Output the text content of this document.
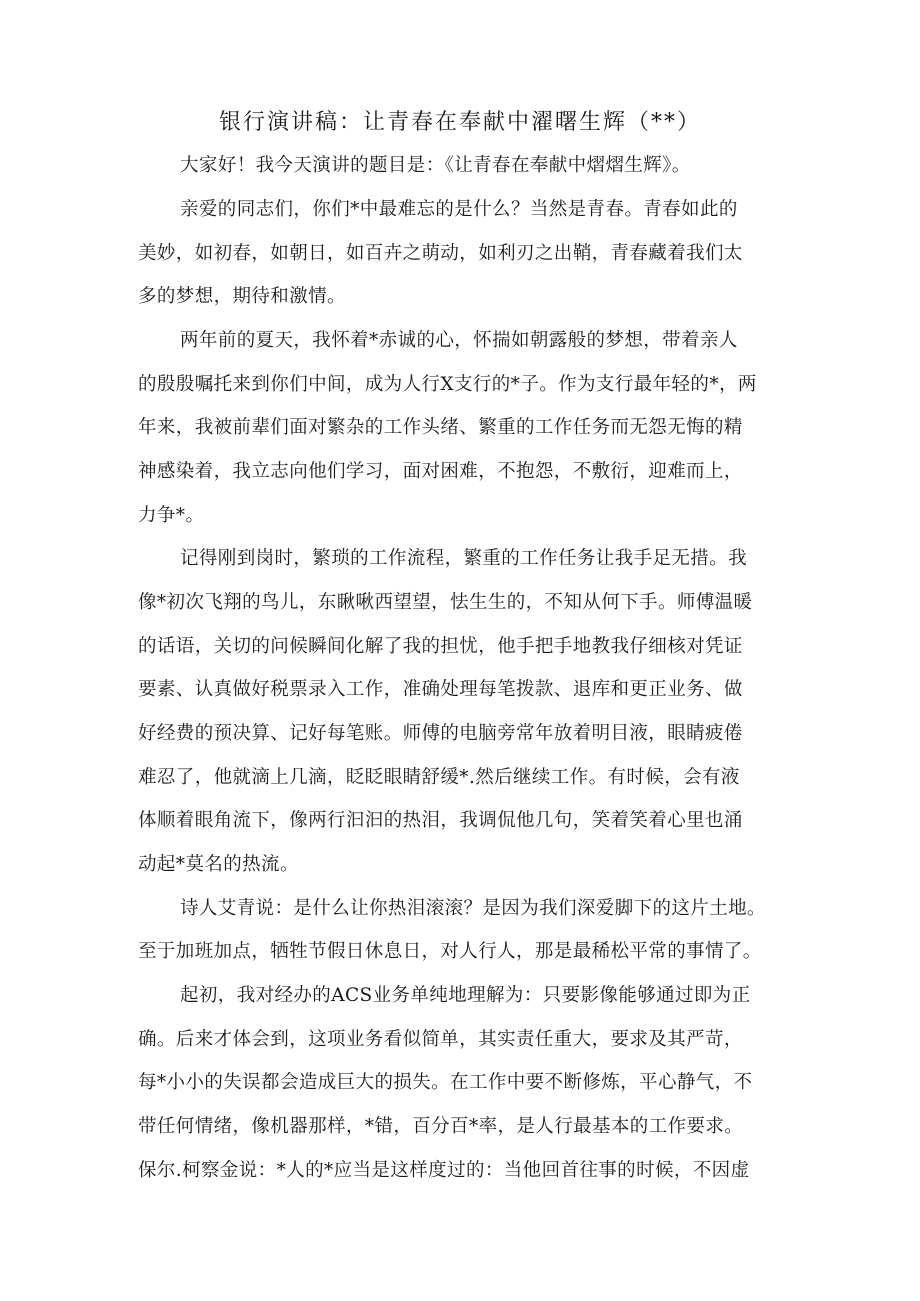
银行演讲稿：让青春在奉献中濯曙生辉（**）
大家好！我今天演讲的题目是：《让青春在奉献中熠熠生辉》。
亲爱的同志们，你们*中最难忘的是什么？当然是青春。青春如此的
美妙，如初春，如朝日，如百卉之萌动，如利刃之出鞘，青春藏着我们太
多的梦想，期待和激情。
两年前的夏天，我怀着*赤诚的心，怀揣如朝露般的梦想，带着亲人
的殷殷嘱托来到你们中间，成为人行X支行的*子。作为支行最年轻的*，两
年来，我被前辈们面对繁杂的工作头绪、繁重的工作任务而无怨无悔的精
神感染着，我立志向他们学习，面对困难，不抱怨，不敷衍，迎难而上，
力争*。
记得刚到岗时，繁琐的工作流程，繁重的工作任务让我手足无措。我
像*初次飞翔的鸟儿，东瞅啾西望望，怯生生的，不知从何下手。师傅温暖
的话语，关切的问候瞬间化解了我的担忧，他手把手地教我仔细核对凭证
要素、认真做好税票录入工作，准确处理每笔拨款、退库和更正业务、做
好经费的预决算、记好每笔账。师傅的电脑旁常年放着明目液，眼睛疲倦
难忍了，他就滴上几滴，眨眨眼睛舒缓*.然后继续工作。有时候，会有液
体顺着眼角流下，像两行汩汩的热泪，我调侃他几句，笑着笑着心里也涌
动起*莫名的热流。
诗人艾青说：是什么让你热泪滚滚？是因为我们深爱脚下的这片土地。
至于加班加点，牺牲节假日休息日，对人行人，那是最稀松平常的事情了。
起初，我对经办的ACS业务单纯地理解为：只要影像能够通过即为正
确。后来才体会到，这项业务看似简单，其实责任重大，要求及其严苛，
每*小小的失误都会造成巨大的损失。在工作中要不断修炼，平心静气，不
带任何情绪，像机器那样，*错，百分百*率，是人行最基本的工作要求。
保尔.柯察金说：*人的*应当是这样度过的：当他回首往事的时候，不因虚
